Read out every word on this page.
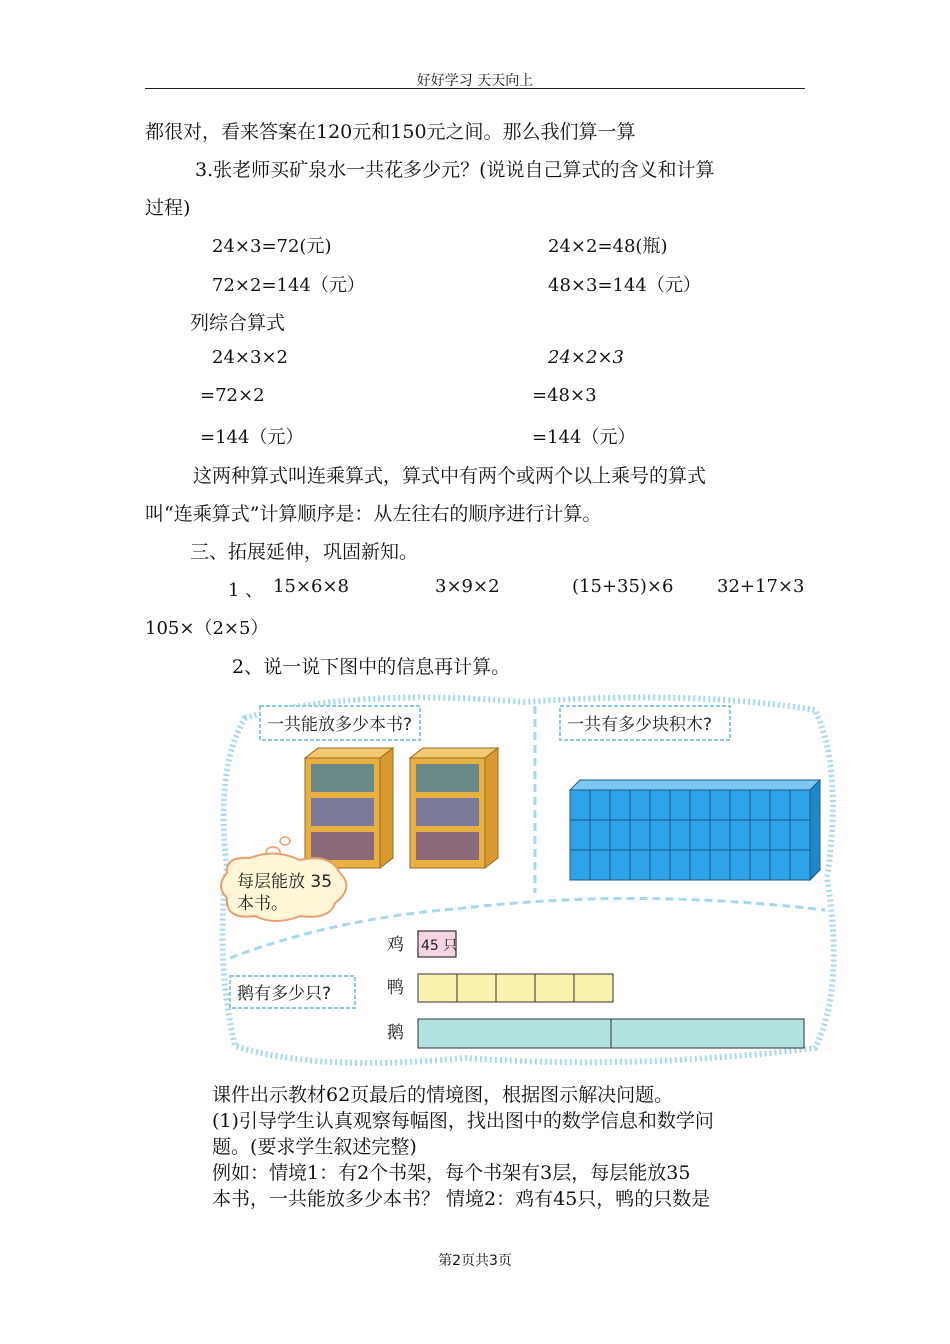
好好学习 天天向上
都很对，看来答案在120元和150元之间。那么我们算一算
3.张老师买矿泉水一共花多少元？(说说自己算式的含义和计算
过程)
24×3=72(元)	24×2=48(瓶)
72×2=144（元）	48×3=144（元）
列综合算式
24×3×2	24×2×3
=72×2	=48×3
=144（元）	=144（元）
这两种算式叫连乘算式，算式中有两个或两个以上乘号的算式
叫“连乘算式”计算顺序是：从左往右的顺序进行计算。
三、拓展延伸，巩固新知。
1 、 15×6×8	3×9×2	(15+35)×6 32+17×3
105×（2×5）
2、说一说下图中的信息再计算。
一共能放多少本书?	一共有多少块积木?
每层能放 35
本书。
鸡 45 只
鸭
鹅有多少只?
鹅
课件出示教材62页最后的情境图，根据图示解决问题。
(1)引导学生认真观察每幅图，找出图中的数学信息和数学问
题。(要求学生叙述完整)
例如：情境1：有2个书架，每个书架有3层，每层能放35
本书，一共能放多少本书？ 情境2：鸡有45只，鸭的只数是
第2页共3页
